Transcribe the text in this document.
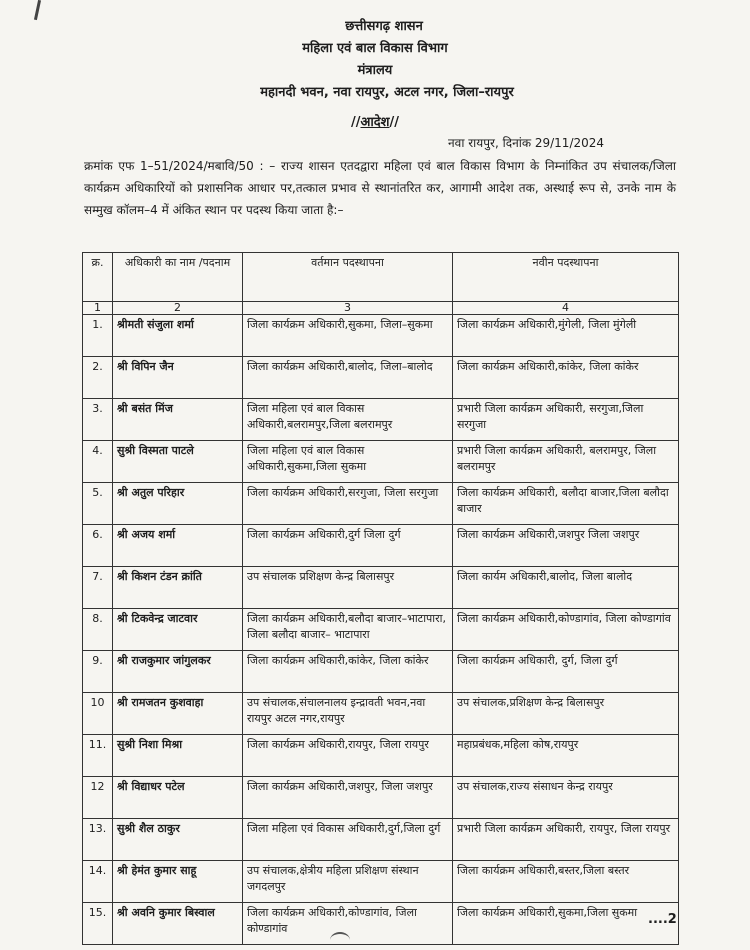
छत्तीसगढ़ शासन
महिला एवं बाल विकास विभाग
मंत्रालय
महानदी भवन, नवा रायपुर, अटल नगर, जिला–रायपुर
//आदेश//
नवा रायपुर, दिनांक 29/11/2024
क्रमांक एफ 1–51/2024/मबावि/50 : – राज्य शासन एतदद्वारा महिला एवं बाल विकास विभाग के निम्नांकित उप संचालक/जिला कार्यक्रम अधिकारियों को प्रशासनिक आधार पर,तत्काल प्रभाव से स्थानांतरित कर, आगामी आदेश तक, अस्थाई रूप से, उनके नाम के सम्मुख कॉलम–4 में अंकित स्थान पर पदस्थ किया जाता है:–
क्र.	अधिकारी का नाम /पदनाम	वर्तमान पदस्थापना	नवीन पदस्थापना
1	2	3	4
1.	श्रीमती संजुला शर्मा	जिला कार्यक्रम अधिकारी,सुकमा, जिला–सुकमा	जिला कार्यक्रम अधिकारी,मुंगेली, जिला मुंगेली
2.	श्री विपिन जैन	जिला कार्यक्रम अधिकारी,बालोद, जिला–बालोद	जिला कार्यक्रम अधिकारी,कांकेर, जिला कांकेर
3.	श्री बसंत मिंज	जिला महिला एवं बाल विकास अधिकारी,बलरामपुर,जिला बलरामपुर	प्रभारी जिला कार्यक्रम अधिकारी, सरगुजा,जिला सरगुजा
4.	सुश्री विस्मता पाटले	जिला महिला एवं बाल विकास अधिकारी,सुकमा,जिला सुकमा	प्रभारी जिला कार्यक्रम अधिकारी, बलरामपुर, जिला बलरामपुर
5.	श्री अतुल परिहार	जिला कार्यक्रम अधिकारी,सरगुजा, जिला सरगुजा	जिला कार्यक्रम अधिकारी, बलौदा बाजार,जिला बलौदा बाजार
6.	श्री अजय शर्मा	जिला कार्यक्रम अधिकारी,दुर्ग जिला दुर्ग	जिला कार्यक्रम अधिकारी,जशपुर जिला जशपुर
7.	श्री किशन टंडन क्रांति	उप संचालक प्रशिक्षण केन्द्र बिलासपुर	जिला कार्यम अधिकारी,बालोद, जिला बालोद
8.	श्री टिकवेन्द्र जाटवार	जिला कार्यक्रम अधिकारी,बलौदा बाजार–भाटापारा, जिला बलौदा बाजार– भाटापारा	जिला कार्यक्रम अधिकारी,कोण्डागांव, जिला कोण्डागांव
9.	श्री राजकुमार जांगुलकर	जिला कार्यक्रम अधिकारी,कांकेर, जिला कांकेर	जिला कार्यक्रम अधिकारी, दुर्ग, जिला दुर्ग
10	श्री रामजतन कुशवाहा	उप संचालक,संचालनालय इन्द्रावती भवन,नवा रायपुर अटल नगर,रायपुर	उप संचालक,प्रशिक्षण केन्द्र बिलासपुर
11.	सुश्री निशा मिश्रा	जिला कार्यक्रम अधिकारी,रायपुर, जिला रायपुर	महाप्रबंधक,महिला कोष,रायपुर
12	श्री विद्याधर पटेल	जिला कार्यक्रम अधिकारी,जशपुर, जिला जशपुर	उप संचालक,राज्य संसाधन केन्द्र रायपुर
13.	सुश्री शैल ठाकुर	जिला महिला एवं विकास अधिकारी,दुर्ग,जिला दुर्ग	प्रभारी जिला कार्यक्रम अधिकारी, रायपुर, जिला रायपुर
14.	श्री हेमंत कुमार साहू	उप संचालक,क्षेत्रीय महिला प्रशिक्षण संस्थान जगदलपुर	जिला कार्यक्रम अधिकारी,बस्तर,जिला बस्तर
15.	श्री अवनि कुमार बिस्वाल	जिला कार्यक्रम अधिकारी,कोण्डागांव, जिला कोण्डागांव	जिला कार्यक्रम अधिकारी,सुकमा,जिला सुकमा ....2
